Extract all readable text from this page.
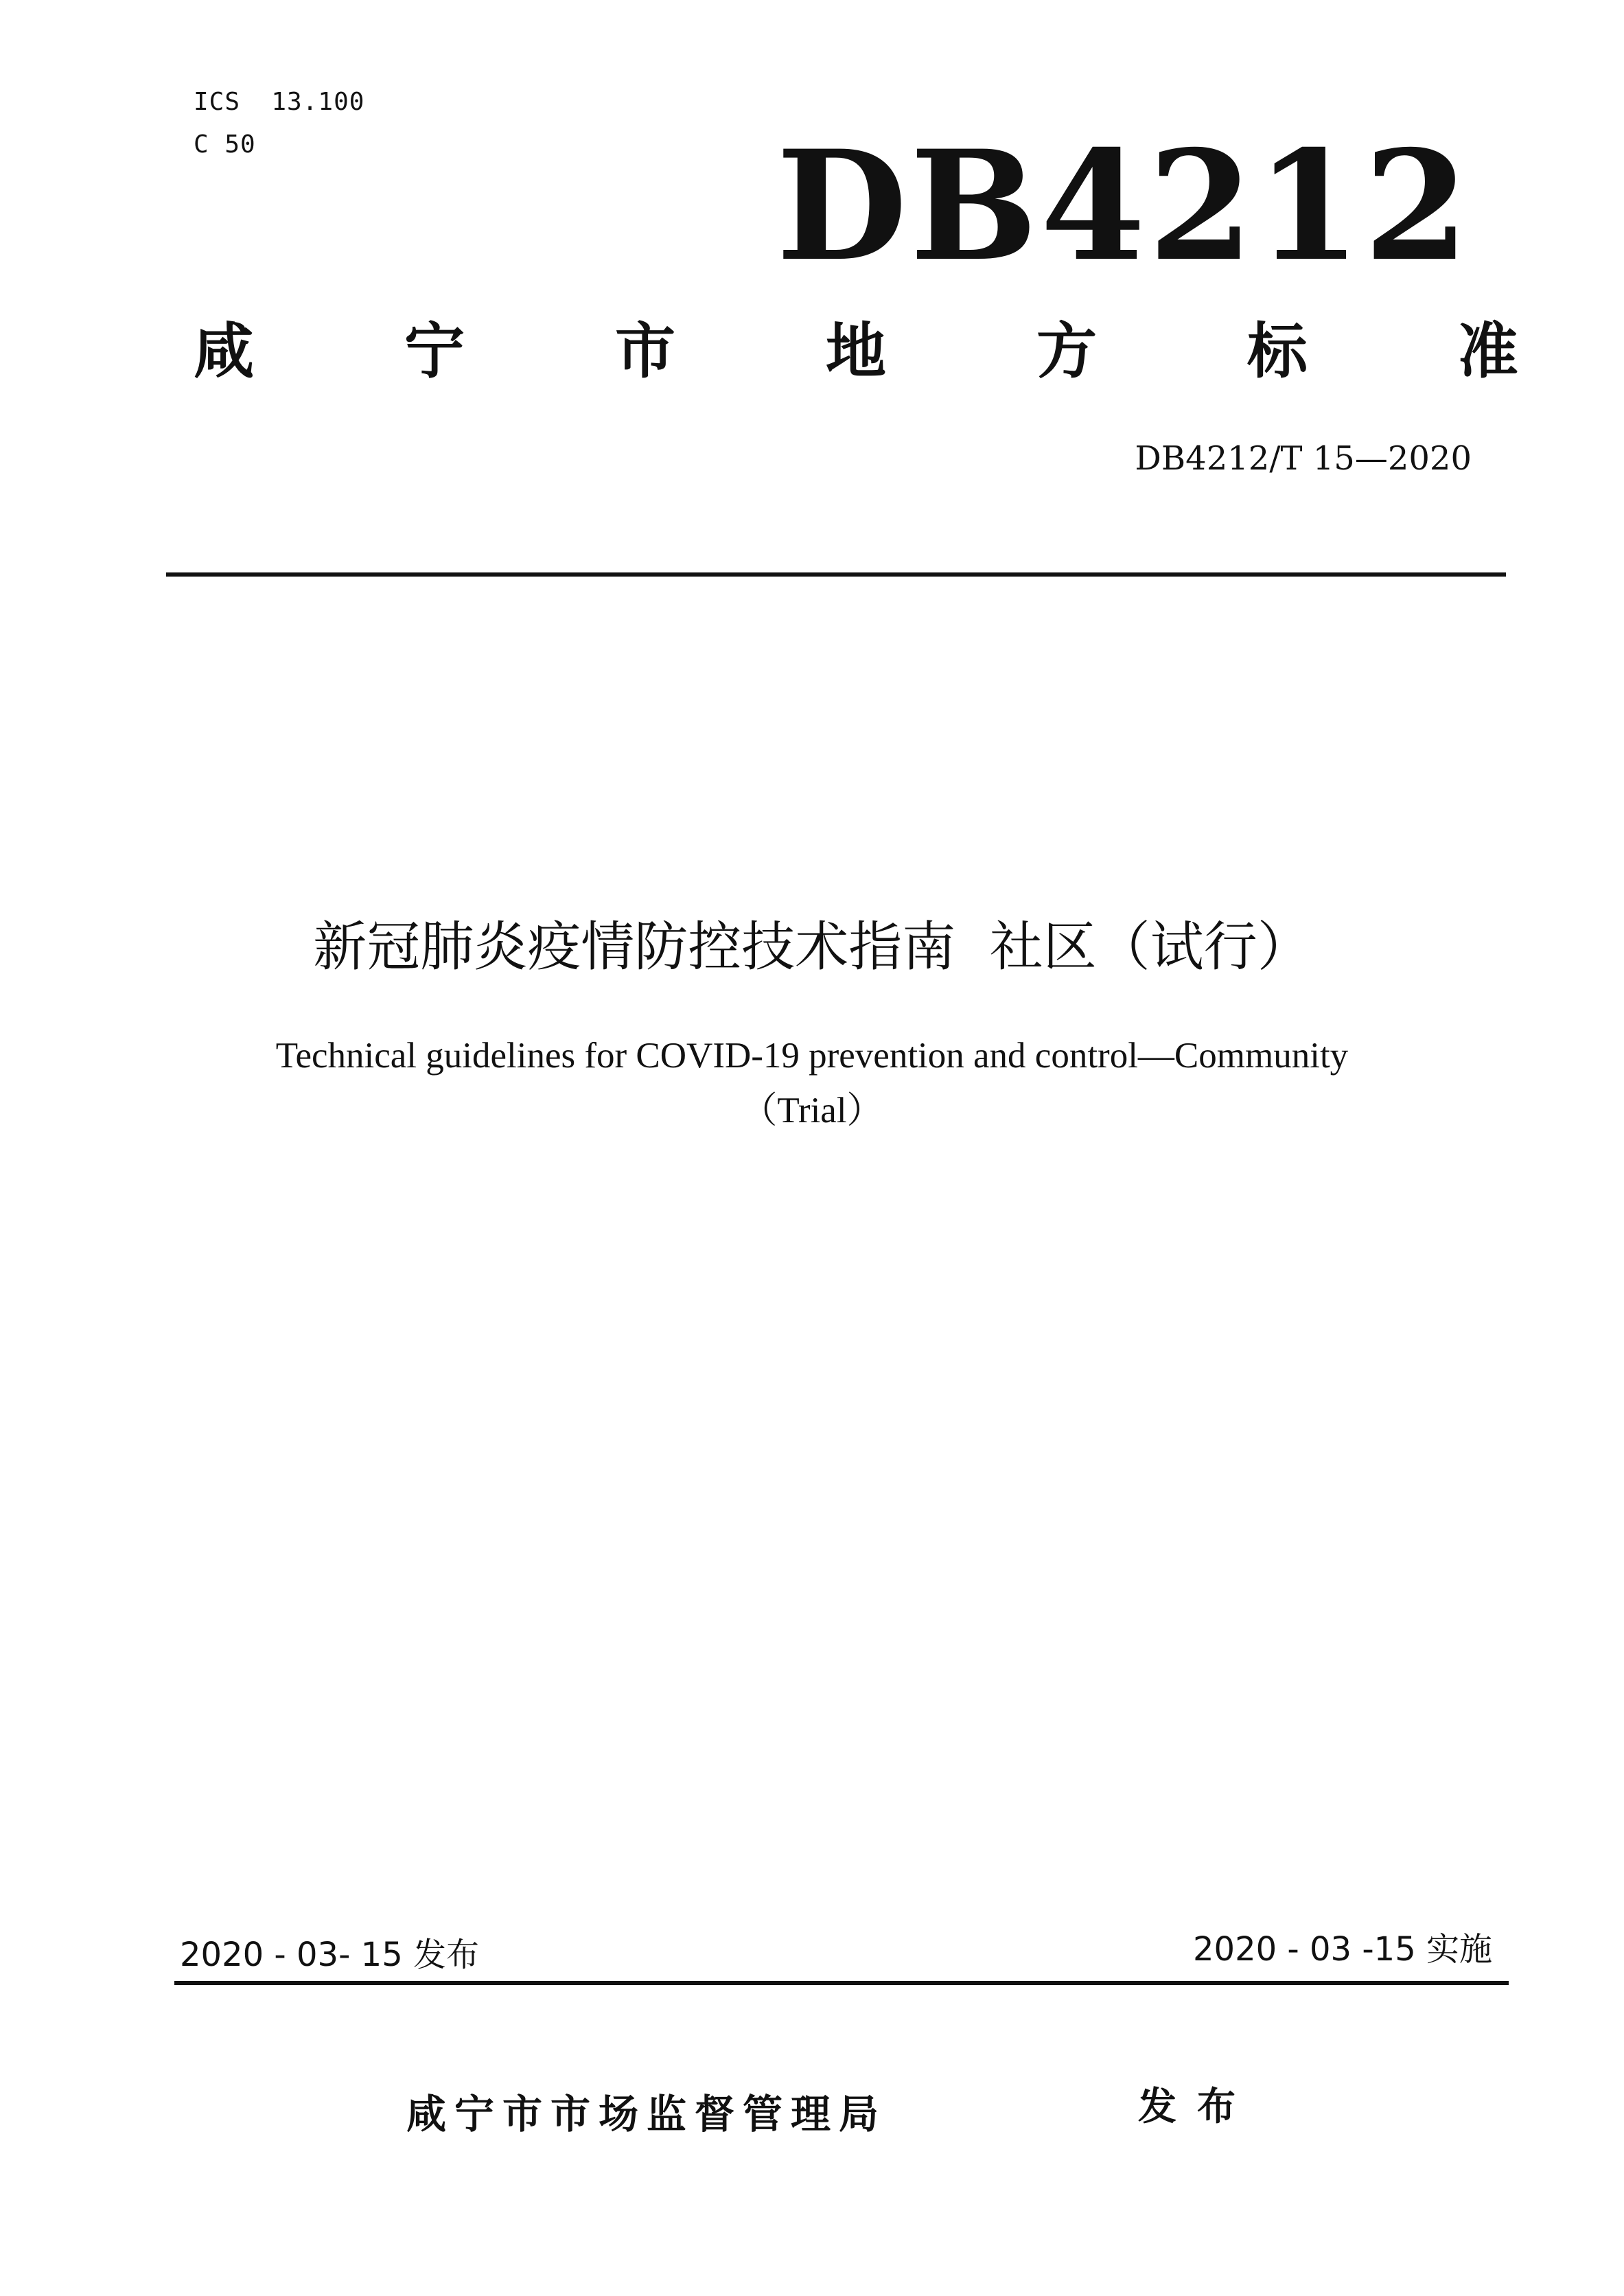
ICS  13.100
C 50	DB4212
咸 宁 市 地 方 标 准
DB4212/T 15—2020
新冠肺炎疫情防控技术指南  社区（试行）
Technical guidelines for COVID-19 prevention and control—Community
（Trial）
2020 - 03- 15 发布	2020 - 03 -15 实施
咸宁市市场监督管理局	发布
